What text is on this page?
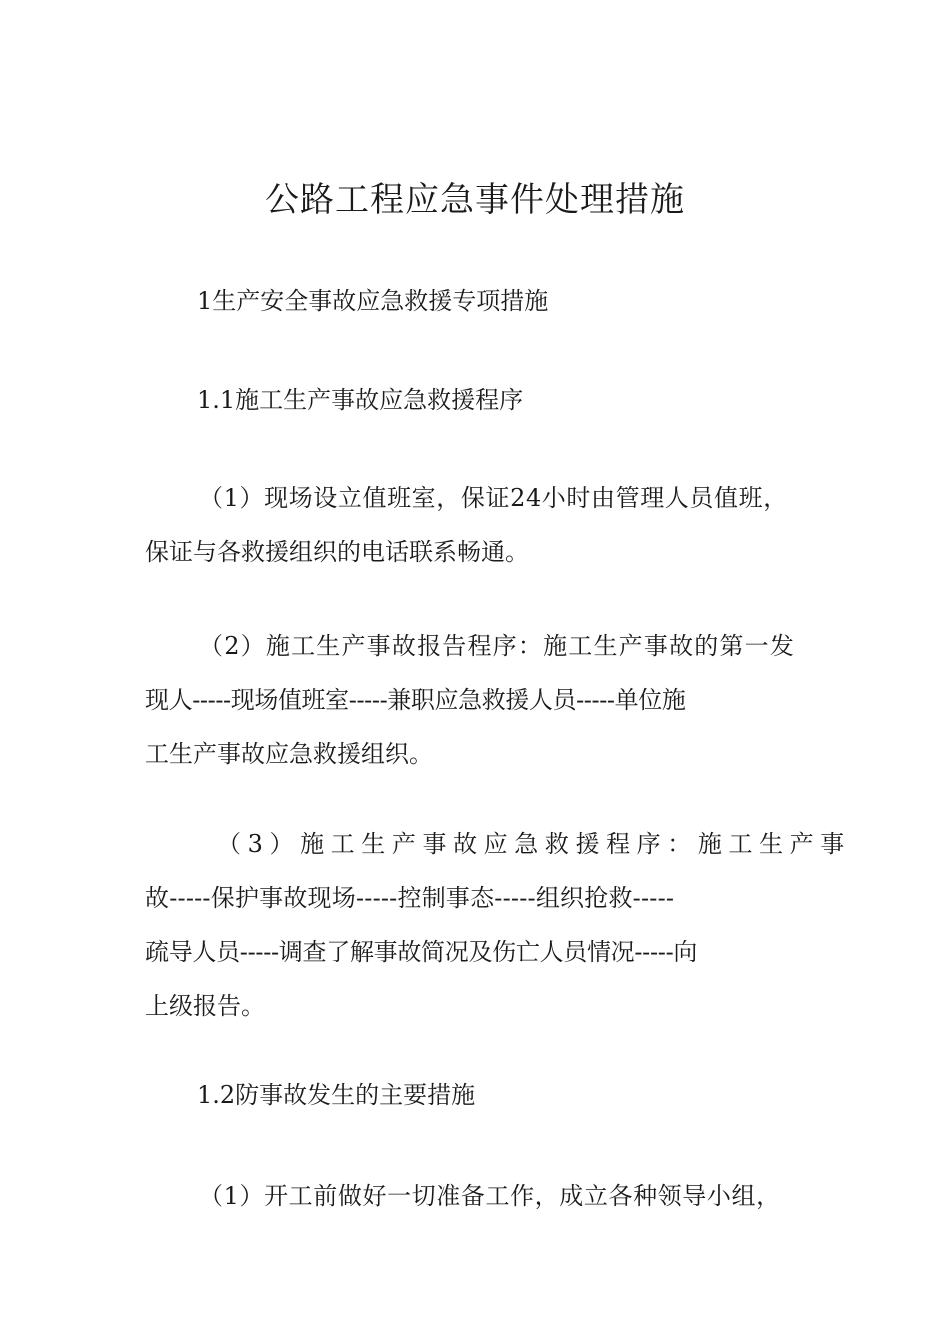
公路工程应急事件处理措施

1生产安全事故应急救援专项措施

1.1施工生产事故应急救援程序

（1）现场设立值班室，保证24小时由管理人员值班，
保证与各救援组织的电话联系畅通。
（2）施工生产事故报告程序：施工生产事故的第一发
现人-----现场值班室-----兼职应急救援人员-----单位施
工生产事故应急救援组织。
（3）施工生产事故应急救援程序：施工生产事
故-----保护事故现场-----控制事态-----组织抢救-----
疏导人员-----调查了解事故简况及伤亡人员情况-----向
上级报告。

1.2防事故发生的主要措施

（1）开工前做好一切准备工作，成立各种领导小组，
